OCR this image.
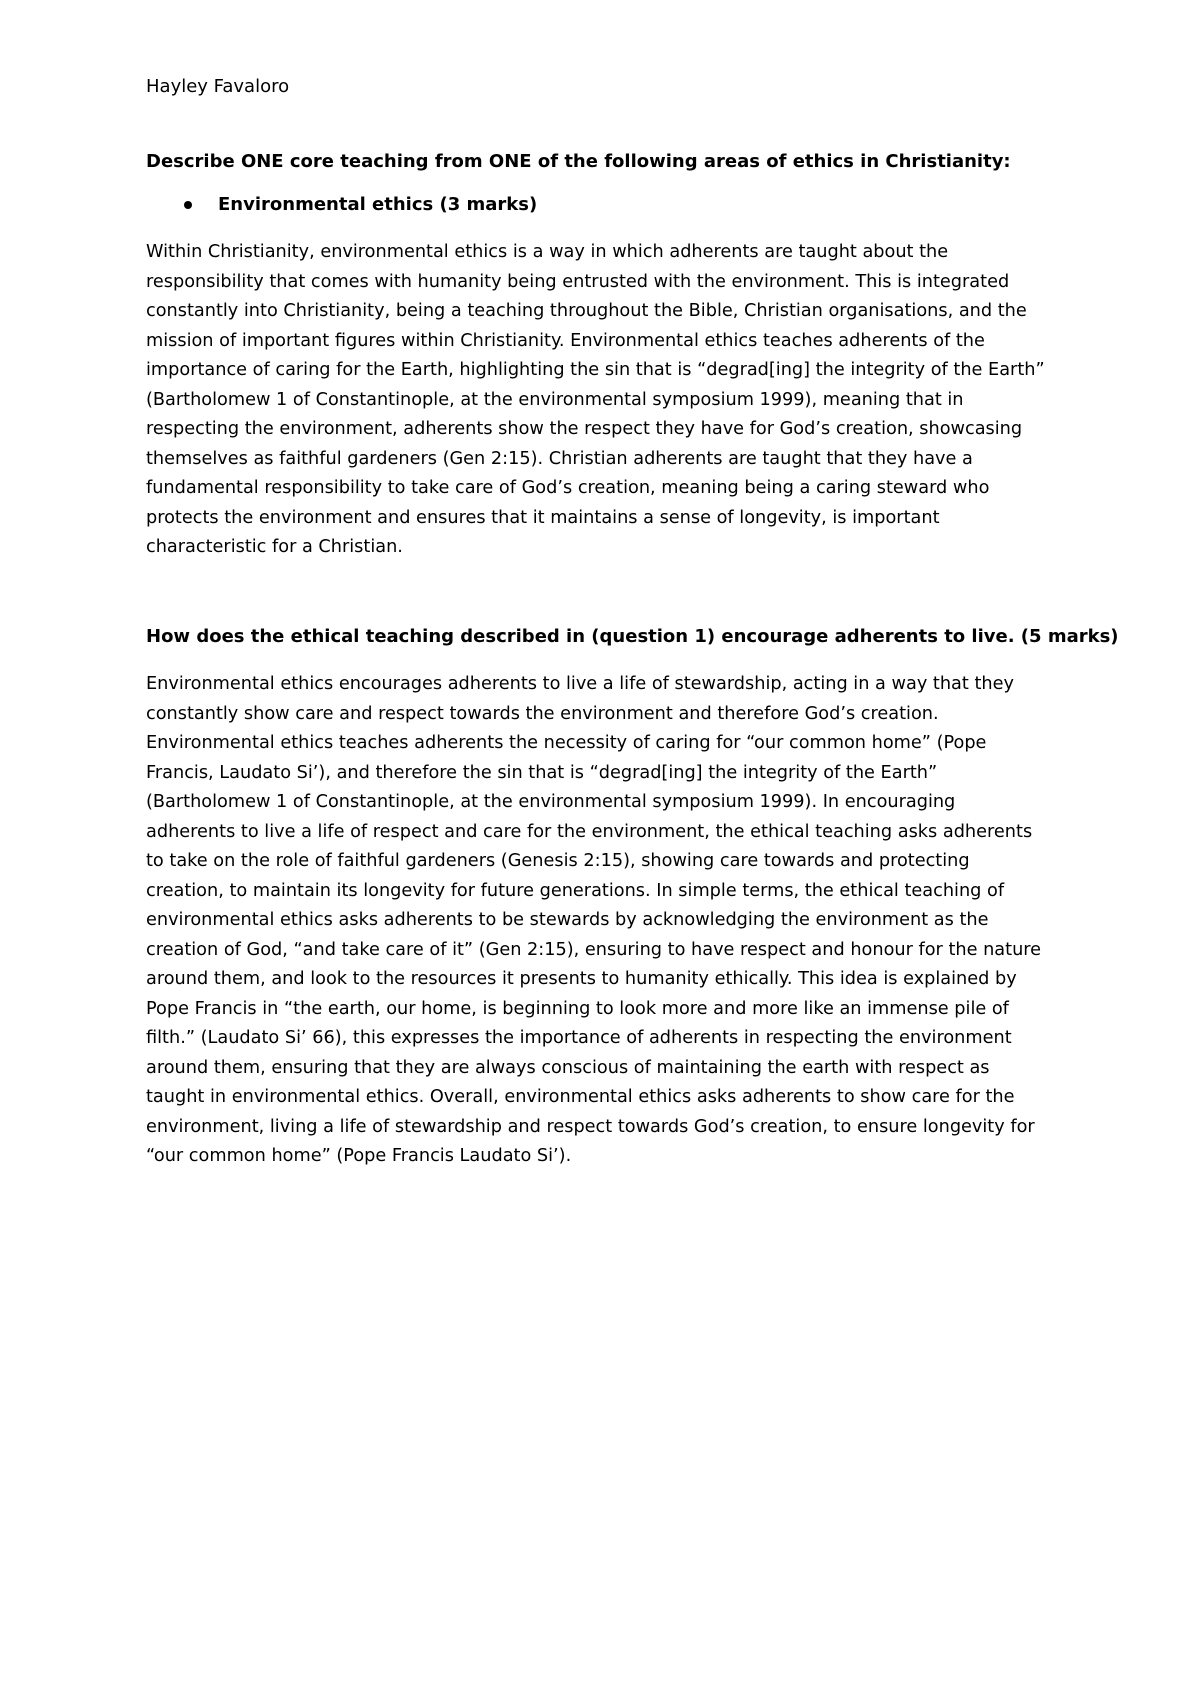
Hayley Favaloro
Describe ONE core teaching from ONE of the following areas of ethics in Christianity:
Environmental ethics (3 marks)
Within Christianity, environmental ethics is a way in which adherents are taught about the
responsibility that comes with humanity being entrusted with the environment. This is integrated
constantly into Christianity, being a teaching throughout the Bible, Christian organisations, and the
mission of important figures within Christianity. Environmental ethics teaches adherents of the
importance of caring for the Earth, highlighting the sin that is “degrad[ing] the integrity of the Earth”
(Bartholomew 1 of Constantinople, at the environmental symposium 1999), meaning that in
respecting the environment, adherents show the respect they have for God’s creation, showcasing
themselves as faithful gardeners (Gen 2:15). Christian adherents are taught that they have a
fundamental responsibility to take care of God’s creation, meaning being a caring steward who
protects the environment and ensures that it maintains a sense of longevity, is important
characteristic for a Christian.
How does the ethical teaching described in (question 1) encourage adherents to live. (5 marks)
Environmental ethics encourages adherents to live a life of stewardship, acting in a way that they
constantly show care and respect towards the environment and therefore God’s creation.
Environmental ethics teaches adherents the necessity of caring for “our common home” (Pope
Francis, Laudato Si’), and therefore the sin that is “degrad[ing] the integrity of the Earth”
(Bartholomew 1 of Constantinople, at the environmental symposium 1999). In encouraging
adherents to live a life of respect and care for the environment, the ethical teaching asks adherents
to take on the role of faithful gardeners (Genesis 2:15), showing care towards and protecting
creation, to maintain its longevity for future generations. In simple terms, the ethical teaching of
environmental ethics asks adherents to be stewards by acknowledging the environment as the
creation of God, “and take care of it” (Gen 2:15), ensuring to have respect and honour for the nature
around them, and look to the resources it presents to humanity ethically. This idea is explained by
Pope Francis in “the earth, our home, is beginning to look more and more like an immense pile of
filth.” (Laudato Si’ 66), this expresses the importance of adherents in respecting the environment
around them, ensuring that they are always conscious of maintaining the earth with respect as
taught in environmental ethics. Overall, environmental ethics asks adherents to show care for the
environment, living a life of stewardship and respect towards God’s creation, to ensure longevity for
“our common home” (Pope Francis Laudato Si’).
